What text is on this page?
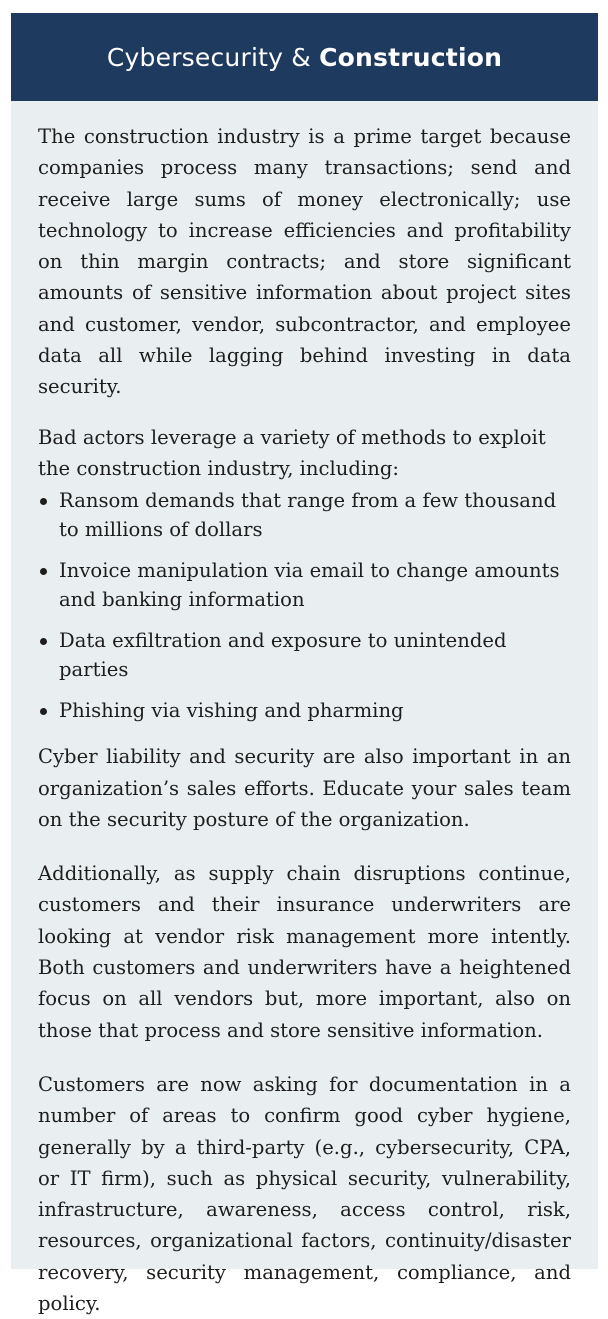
Cybersecurity & Construction

The construction industry is a prime target because companies process many transactions; send and receive large sums of money electronically; use technology to increase efficiencies and profitability on thin margin contracts; and store significant amounts of sensitive information about project sites and customer, vendor, subcontractor, and employee data all while lagging behind investing in data security.

Bad actors leverage a variety of methods to exploit the construction industry, including:

Ransom demands that range from a few thousand to millions of dollars
Invoice manipulation via email to change amounts and banking information
Data exfiltration and exposure to unintended parties
Phishing via vishing and pharming

Cyber liability and security are also important in an organization’s sales efforts. Educate your sales team on the security posture of the organization.

Additionally, as supply chain disruptions continue, customers and their insurance underwriters are looking at vendor risk management more intently. Both customers and underwriters have a heightened focus on all vendors but, more important, also on those that process and store sensitive information.

Customers are now asking for documentation in a number of areas to confirm good cyber hygiene, generally by a third-party (e.g., cybersecurity, CPA, or IT firm), such as physical security, vulnerability, infrastructure, awareness, access control, risk, resources, organizational factors, continuity/disaster recovery, security management, compliance, and policy.
